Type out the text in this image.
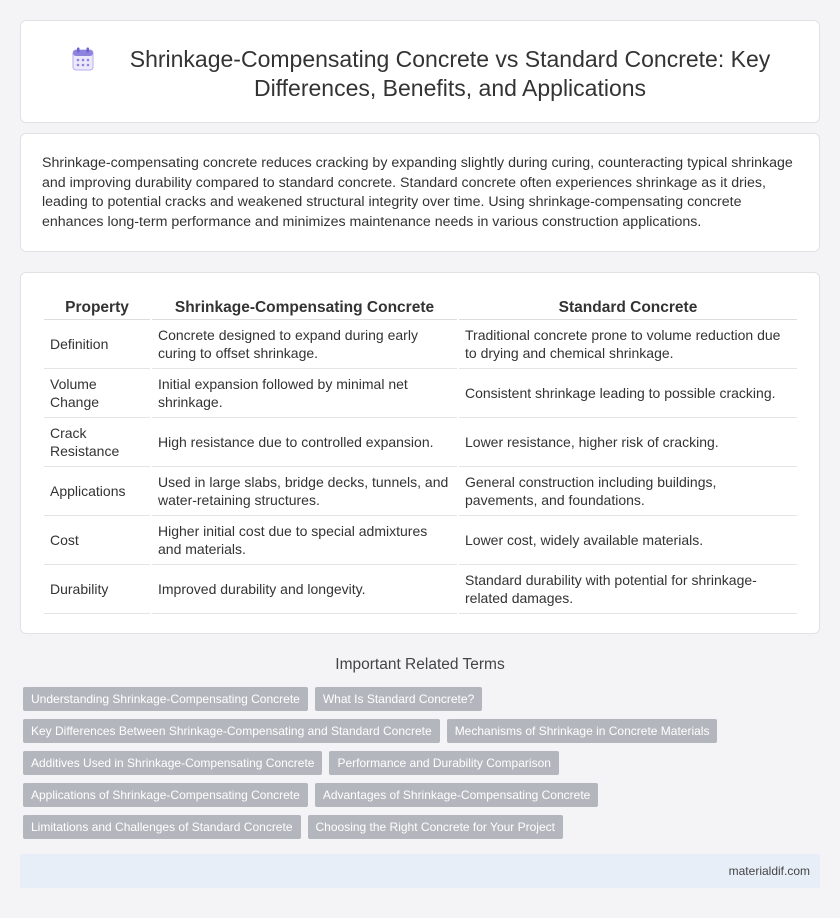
Shrinkage-Compensating Concrete vs Standard Concrete: Key Differences, Benefits, and Applications

Shrinkage-compensating concrete reduces cracking by expanding slightly during curing, counteracting typical shrinkage and improving durability compared to standard concrete. Standard concrete often experiences shrinkage as it dries, leading to potential cracks and weakened structural integrity over time. Using shrinkage-compensating concrete enhances long-term performance and minimizes maintenance needs in various construction applications.

Property	Shrinkage-Compensating Concrete	Standard Concrete
Definition	Concrete designed to expand during early curing to offset shrinkage.	Traditional concrete prone to volume reduction due to drying and chemical shrinkage.
Volume Change	Initial expansion followed by minimal net shrinkage.	Consistent shrinkage leading to possible cracking.
Crack Resistance	High resistance due to controlled expansion.	Lower resistance, higher risk of cracking.
Applications	Used in large slabs, bridge decks, tunnels, and water-retaining structures.	General construction including buildings, pavements, and foundations.
Cost	Higher initial cost due to special admixtures and materials.	Lower cost, widely available materials.
Durability	Improved durability and longevity.	Standard durability with potential for shrinkage-related damages.
Important Related Terms
Understanding Shrinkage-Compensating Concrete	What Is Standard Concrete?
Key Differences Between Shrinkage-Compensating and Standard Concrete	Mechanisms of Shrinkage in Concrete Materials
Additives Used in Shrinkage-Compensating Concrete	Performance and Durability Comparison
Applications of Shrinkage-Compensating Concrete	Advantages of Shrinkage-Compensating Concrete
Limitations and Challenges of Standard Concrete	Choosing the Right Concrete for Your Project
materialdif.com
